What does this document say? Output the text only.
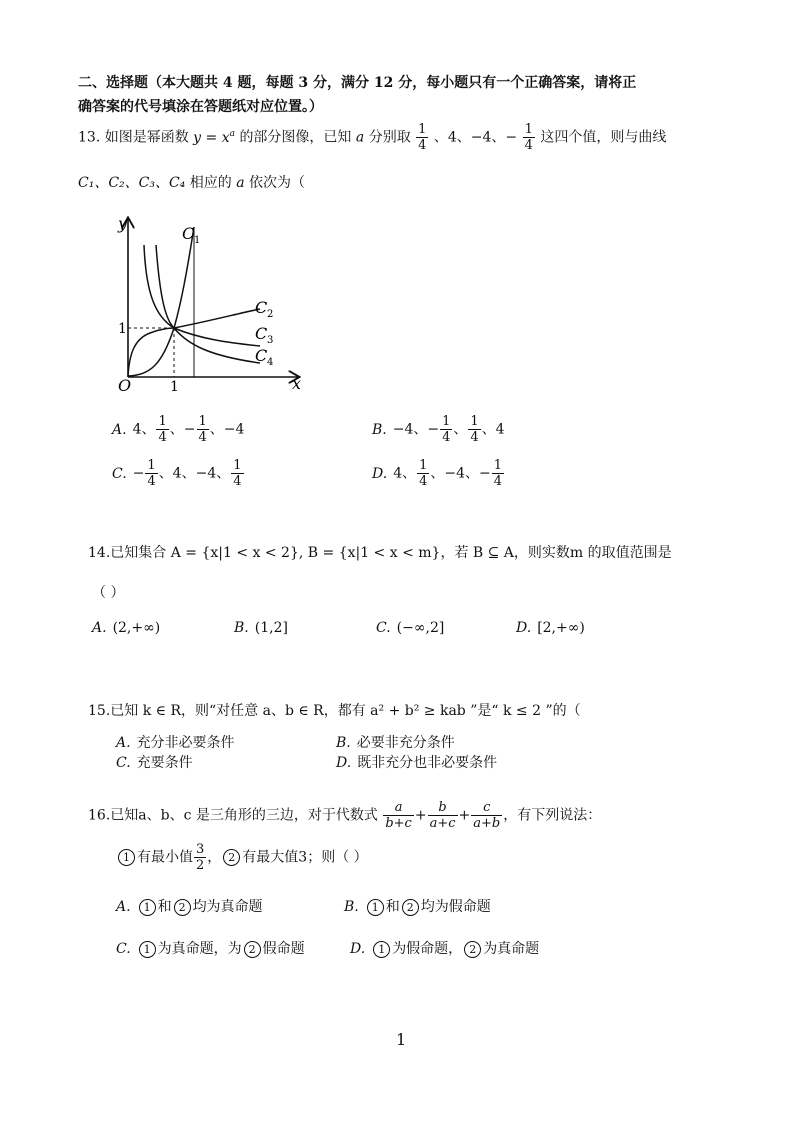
二、选择题（本大题共 4 题，每题 3 分，满分 12 分，每小题只有一个正确答案，请将正
确答案的代号填涂在答题纸对应位置。）
13. 如图是幂函数 $y = x^a$ 的部分图像，已知 a 分别取 $\frac{1}{4}$ 、4、−4、− $\frac{1}{4}$ 这四个值，则与曲线
C₁、C₂、C₃、C₄ 相应的 a 依次为（
y
x
O	1
1
C 1
C 2
C 3
C 4
A. 4、 $\frac{1}{4}$ 、− $\frac{1}{4}$ 、−4	B. −4、− $\frac{1}{4}$ 、 $\frac{1}{4}$ 、4
C. − $\frac{1}{4}$ 、4、−4、 $\frac{1}{4}$	D. 4、 $\frac{1}{4}$ 、−4、− $\frac{1}{4}$
14.已知集合 A = {x|1 < x < 2}, B = {x|1 < x < m}，若 B ⊆ A，则实数m 的取值范围是
（ ）
A. (2,+∞)	B. (1,2]	C. (−∞,2]	D. [2,+∞)
15.已知 k ∈ R，则“对任意 a、b ∈ R，都有 a² + b² ≥ kab ”是“ k ≤ 2 ”的（
A. 充分非必要条件	B. 必要非充分条件
C. 充要条件	D. 既非充分也非必要条件
16.已知a、b、c 是三角形的三边，对于代数式 $\frac{a}{b+c} + \frac{b}{a+c} + \frac{c}{a+b}$ ，有下列说法：
1 有最小值 $\frac{3}{2}$ ， 2 有最大值3；则（ ）
A. 1 和 2 均为真命题	B. 1 和 2 均为假命题
C. 1 为真命题，为 2 假命题	D. 1 为假命题， 2 为真命题
1
